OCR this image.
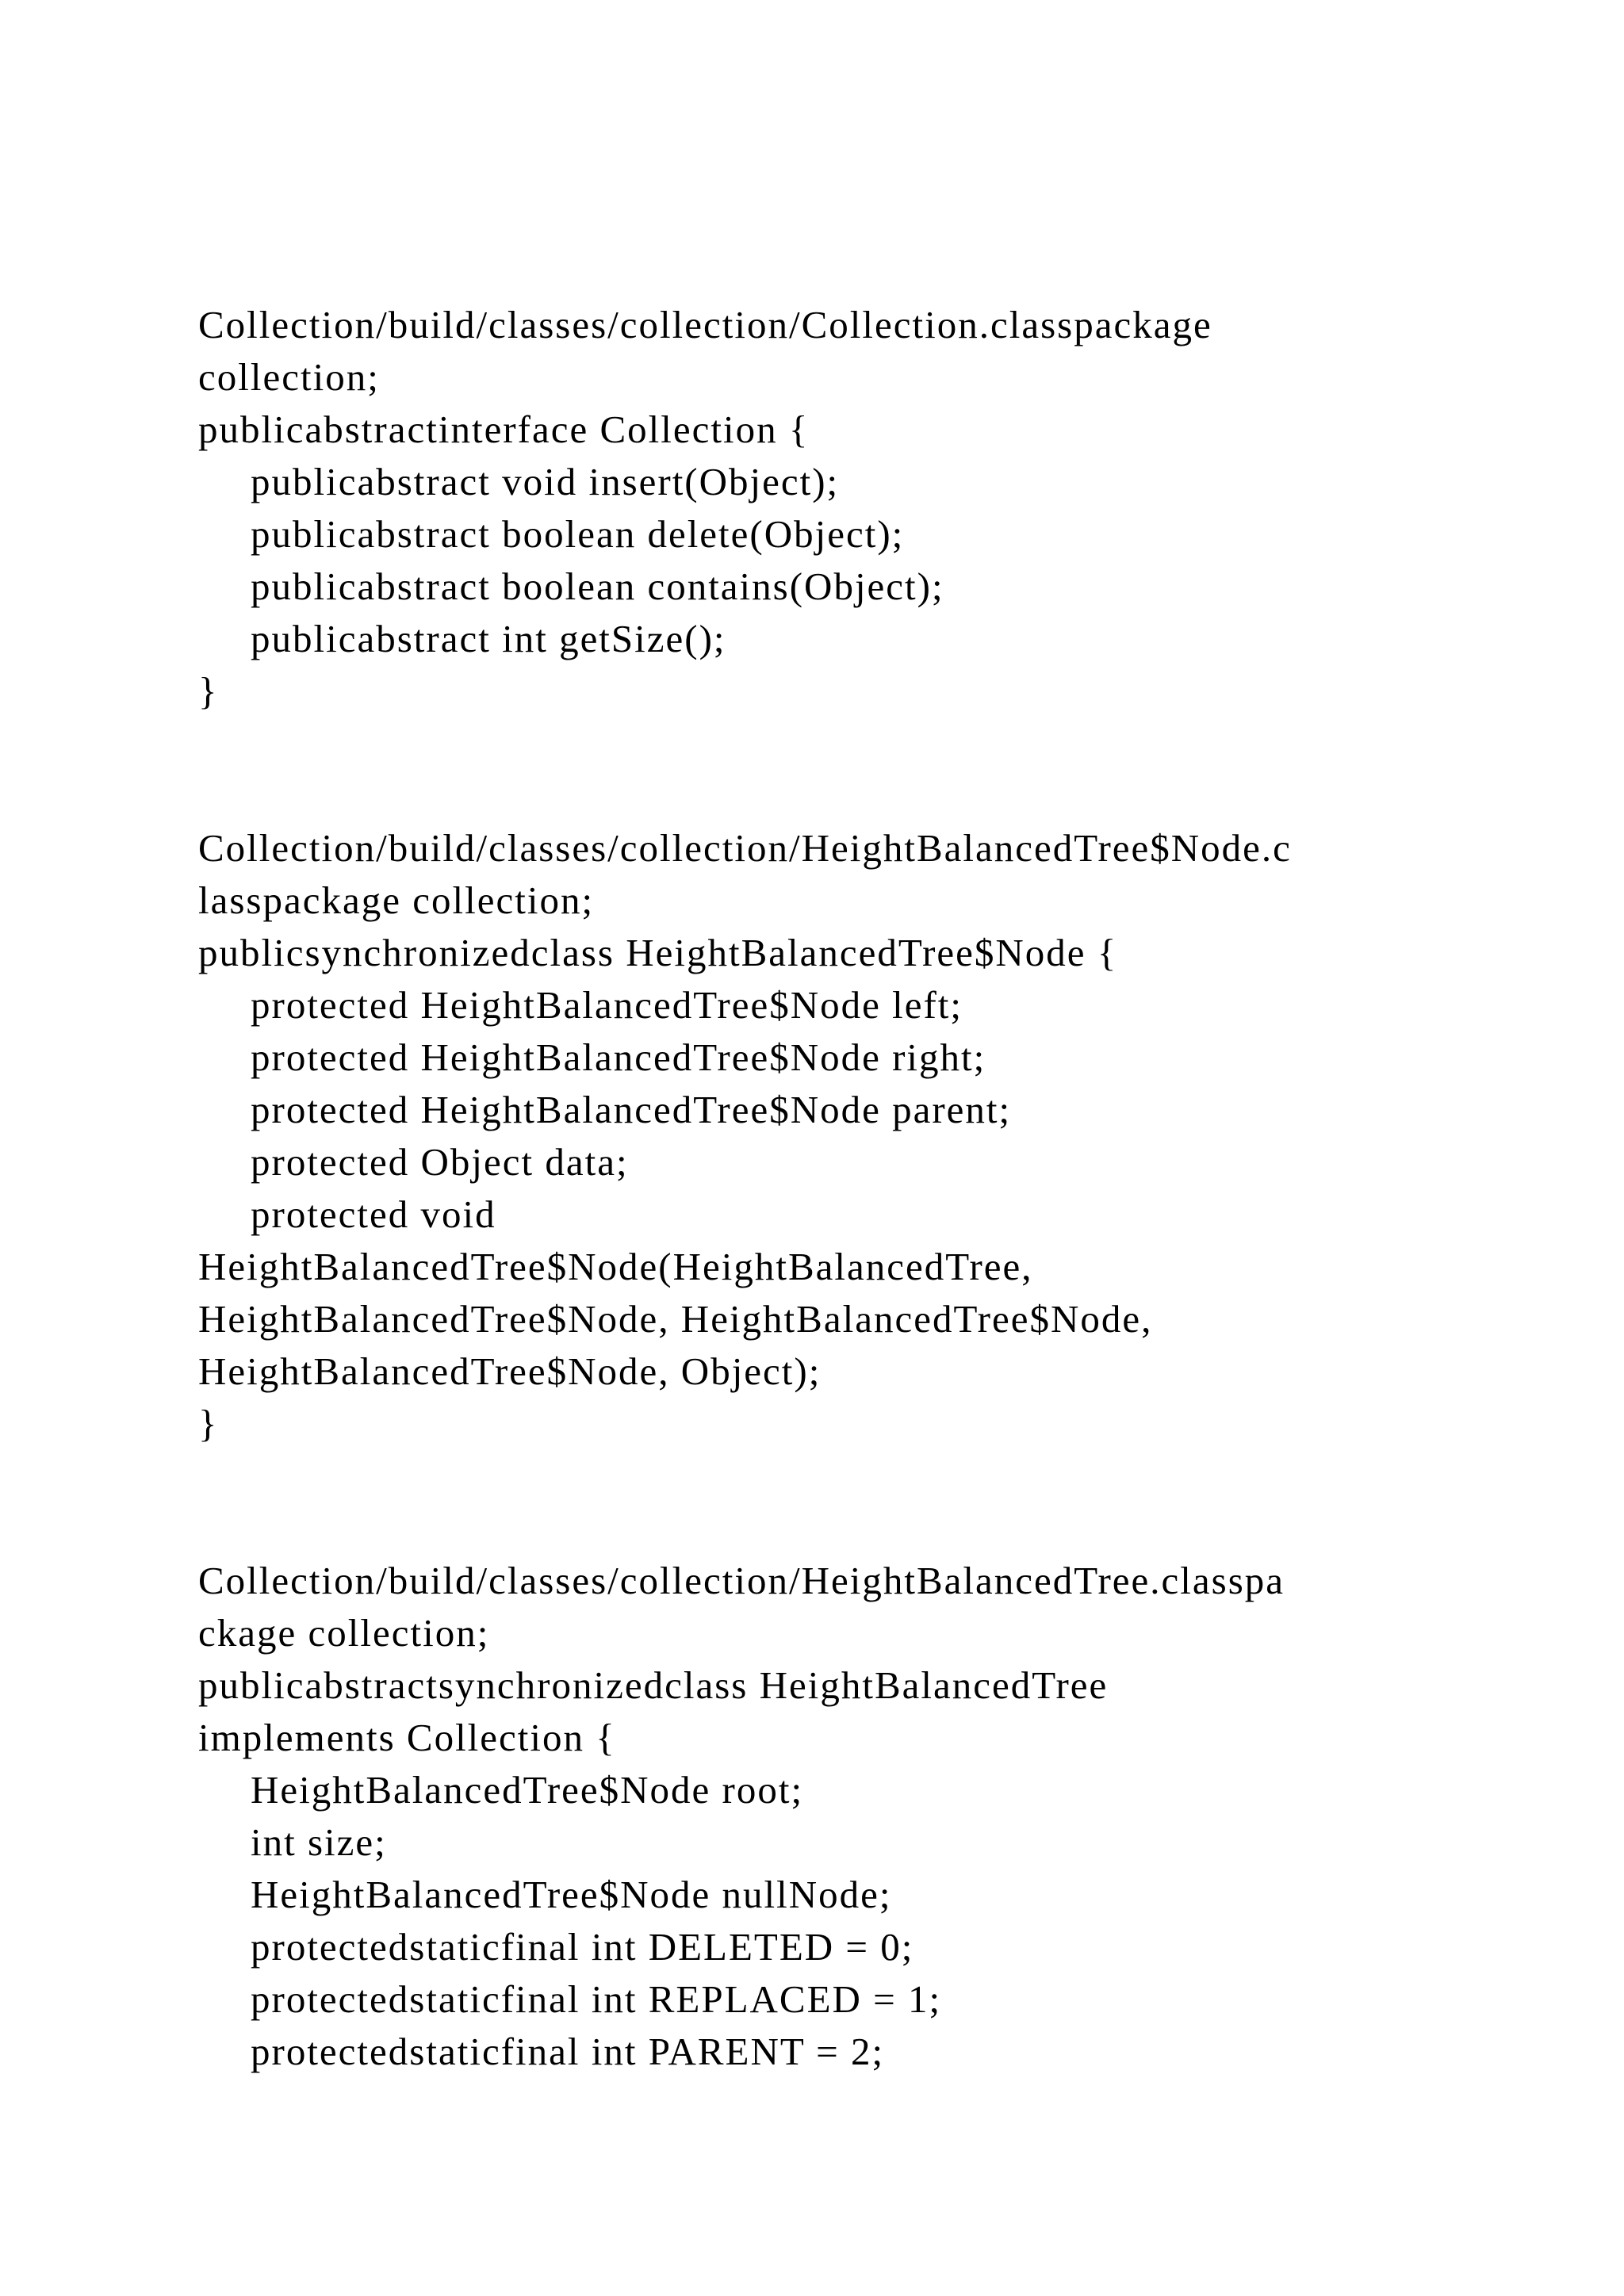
Collection/build/classes/collection/Collection.classpackage
collection;
publicabstractinterface Collection {
publicabstract void insert(Object);
publicabstract boolean delete(Object);
publicabstract boolean contains(Object);
publicabstract int getSize();
}
Collection/build/classes/collection/HeightBalancedTree$Node.c
lasspackage collection;
publicsynchronizedclass HeightBalancedTree$Node {
protected HeightBalancedTree$Node left;
protected HeightBalancedTree$Node right;
protected HeightBalancedTree$Node parent;
protected Object data;
protected void
HeightBalancedTree$Node(HeightBalancedTree,
HeightBalancedTree$Node, HeightBalancedTree$Node,
HeightBalancedTree$Node, Object);
}
Collection/build/classes/collection/HeightBalancedTree.classpa
ckage collection;
publicabstractsynchronizedclass HeightBalancedTree
implements Collection {
HeightBalancedTree$Node root;
int size;
HeightBalancedTree$Node nullNode;
protectedstaticfinal int DELETED = 0;
protectedstaticfinal int REPLACED = 1;
protectedstaticfinal int PARENT = 2;
